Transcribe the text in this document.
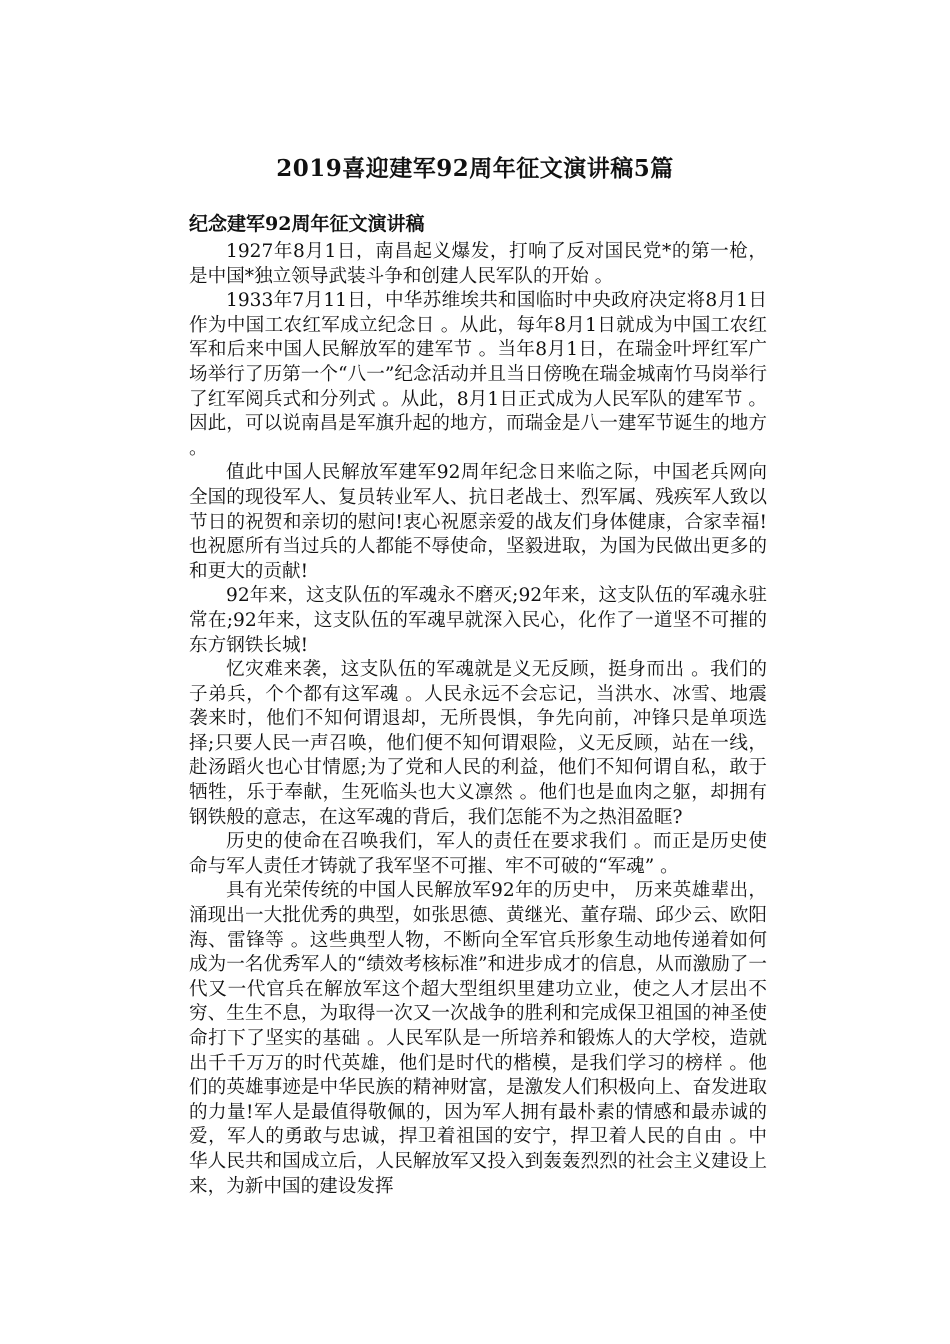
2019喜迎建军92周年征文演讲稿5篇
纪念建军92周年征文演讲稿

1927年8月1日，南昌起义爆发，打响了反对国民党*的第一枪，是中国*独立领导武装斗争和创建人民军队的开始 。

1933年7月11日，中华苏维埃共和国临时中央政府决定将8月1日作为中国工农红军成立纪念日 。从此，每年8月1日就成为中国工农红军和后来中国人民解放军的建军节 。当年8月1日，在瑞金叶坪红军广场举行了历第一个“八一”纪念活动并且当日傍晚在瑞金城南竹马岗举行了红军阅兵式和分列式 。从此，8月1日正式成为人民军队的建军节 。因此，可以说南昌是军旗升起的地方，而瑞金是八一建军节诞生的地方 。

值此中国人民解放军建军92周年纪念日来临之际，中国老兵网向全国的现役军人、复员转业军人、抗日老战士、烈军属、残疾军人致以节日的祝贺和亲切的慰问!衷心祝愿亲爱的战友们身体健康，合家幸福!也祝愿所有当过兵的人都能不辱使命，坚毅进取，为国为民做出更多的和更大的贡献!

92年来，这支队伍的军魂永不磨灭;92年来，这支队伍的军魂永驻常在;92年来，这支队伍的军魂早就深入民心，化作了一道坚不可摧的东方钢铁长城!

忆灾难来袭，这支队伍的军魂就是义无反顾，挺身而出 。我们的子弟兵，个个都有这军魂 。人民永远不会忘记，当洪水、冰雪、地震袭来时，他们不知何谓退却，无所畏惧，争先向前，冲锋只是单项选择;只要人民一声召唤，他们便不知何谓艰险，义无反顾，站在一线，赴汤蹈火也心甘情愿;为了党和人民的利益，他们不知何谓自私，敢于牺牲，乐于奉献，生死临头也大义凛然 。他们也是血肉之躯，却拥有钢铁般的意志，在这军魂的背后，我们怎能不为之热泪盈眶?

历史的使命在召唤我们，军人的责任在要求我们 。而正是历史使命与军人责任才铸就了我军坚不可摧、牢不可破的“军魂” 。

具有光荣传统的中国人民解放军92年的历史中， 历来英雄辈出，涌现出一大批优秀的典型，如张思德、黄继光、董存瑞、邱少云、欧阳海、雷锋等 。这些典型人物，不断向全军官兵形象生动地传递着如何成为一名优秀军人的“绩效考核标准”和进步成才的信息，从而激励了一代又一代官兵在解放军这个超大型组织里建功立业，使之人才层出不穷、生生不息，为取得一次又一次战争的胜利和完成保卫祖国的神圣使命打下了坚实的基础 。人民军队是一所培养和锻炼人的大学校，造就出千千万万的时代英雄，他们是时代的楷模，是我们学习的榜样 。他们的英雄事迹是中华民族的精神财富，是激发人们积极向上、奋发进取的力量!军人是最值得敬佩的，因为军人拥有最朴素的情感和最赤诚的爱，军人的勇敢与忠诚，捍卫着祖国的安宁，捍卫着人民的自由 。中华人民共和国成立后，人民解放军又投入到轰轰烈烈的社会主义建设上来，为新中国的建设发挥
